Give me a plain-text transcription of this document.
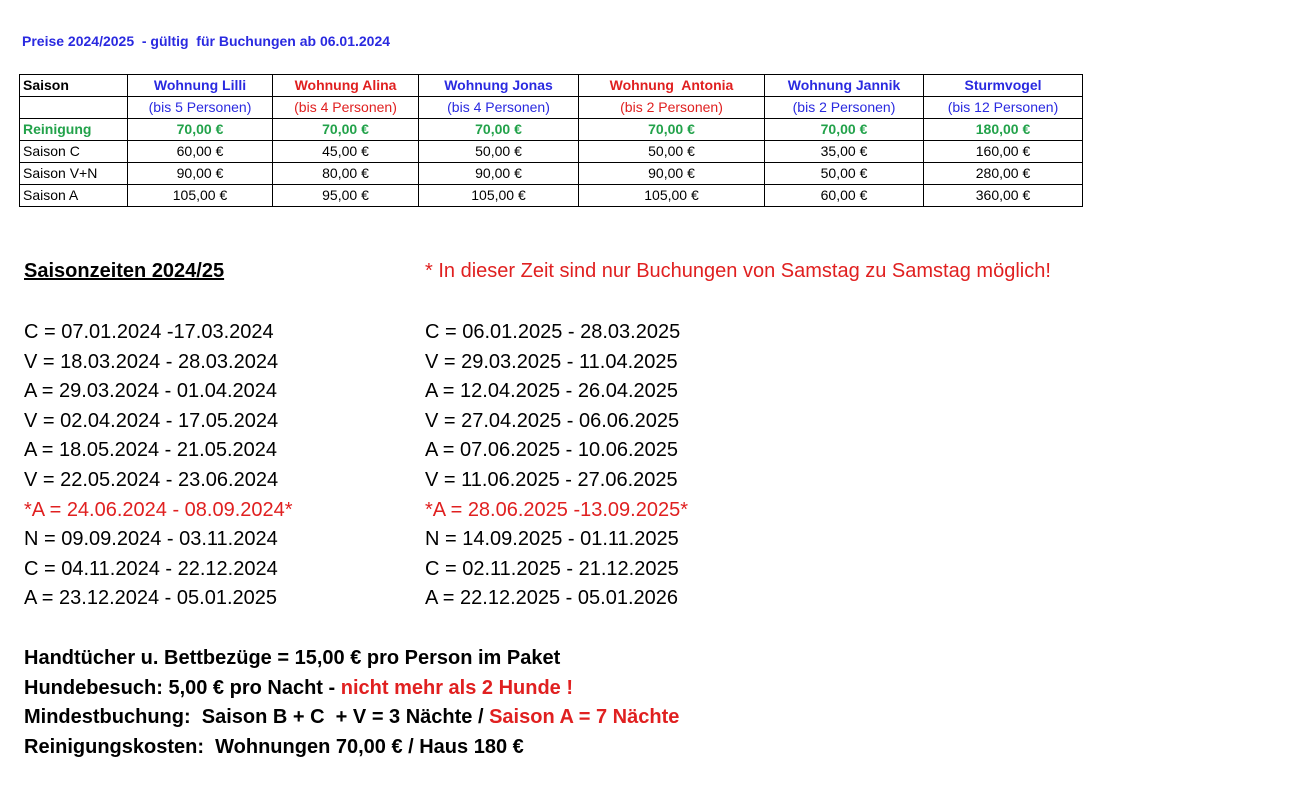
Preise 2024/2025  - gültig  für Buchungen ab 06.01.2024
Saison	Wohnung Lilli	Wohnung Alina	Wohnung Jonas	Wohnung  Antonia	Wohnung Jannik	Sturmvogel
	(bis 5 Personen)	(bis 4 Personen)	(bis 4 Personen)	(bis 2 Personen)	(bis 2 Personen)	(bis 12 Personen)
Reinigung	70,00 €	70,00 €	70,00 €	70,00 €	70,00 €	180,00 €
Saison C	60,00 €	45,00 €	50,00 €	50,00 €	35,00 €	160,00 €
Saison V+N	90,00 €	80,00 €	90,00 €	90,00 €	50,00 €	280,00 €
Saison A	105,00 €	95,00 €	105,00 €	105,00 €	60,00 €	360,00 €
Saisonzeiten 2024/25	* In dieser Zeit sind nur Buchungen von Samstag zu Samstag möglich!
C = 07.01.2024 -17.03.2024
V = 18.03.2024 - 28.03.2024
A = 29.03.2024 - 01.04.2024
V = 02.04.2024 - 17.05.2024
A = 18.05.2024 - 21.05.2024
V = 22.05.2024 - 23.06.2024
*A = 24.06.2024 - 08.09.2024*
N = 09.09.2024 - 03.11.2024
C = 04.11.2024 - 22.12.2024
A = 23.12.2024 - 05.01.2025
C = 06.01.2025 - 28.03.2025
V = 29.03.2025 - 11.04.2025
A = 12.04.2025 - 26.04.2025
V = 27.04.2025 - 06.06.2025
A = 07.06.2025 - 10.06.2025
V = 11.06.2025 - 27.06.2025
*A = 28.06.2025 -13.09.2025*
N = 14.09.2025 - 01.11.2025
C = 02.11.2025 - 21.12.2025
A = 22.12.2025 - 05.01.2026
Handtücher u. Bettbezüge = 15,00 € pro Person im Paket
Hundebesuch: 5,00 € pro Nacht - nicht mehr als 2 Hunde !
Mindestbuchung:  Saison B + C  + V = 3 Nächte / Saison A = 7 Nächte
Reinigungskosten:  Wohnungen 70,00 € / Haus 180 €
